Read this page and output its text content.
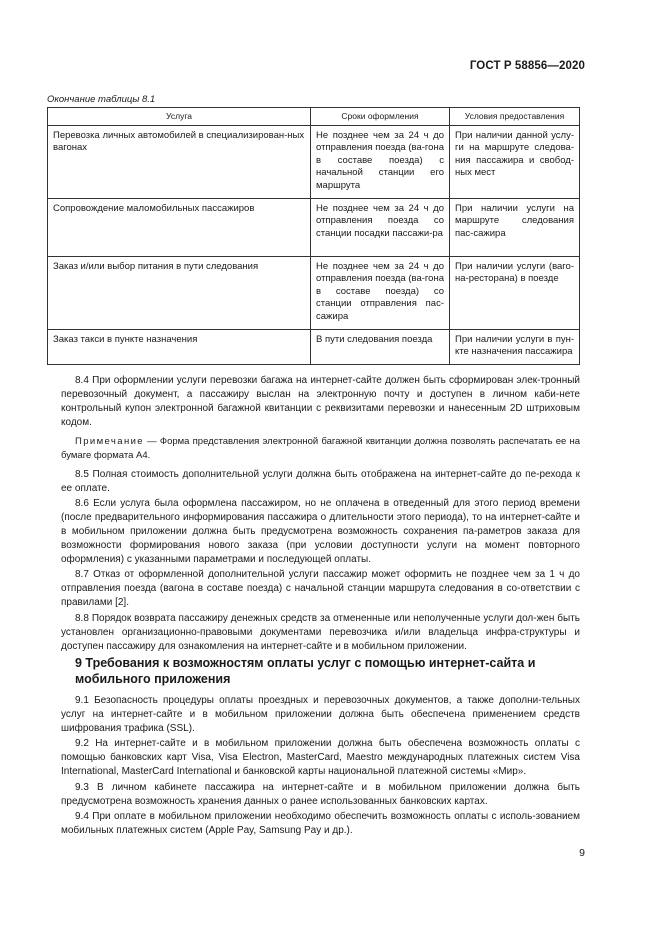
ГОСТ Р 58856—2020
Окончание таблицы 8.1
Услуга	Сроки оформления	Условия предоставления
Перевозка личных автомобилей в специализирован-ных вагонах	Не позднее чем за 24 ч до отправления поезда (ва-гона в составе поезда) с начальной станции его маршрута	При наличии данной услу-ги на маршруте следова-ния пассажира и свобод-ных мест
Сопровождение маломобильных пассажиров	Не позднее чем за 24 ч до отправления поезда со станции посадки пассажи-ра	При наличии услуги на маршруте следования пас-сажира
Заказ и/или выбор питания в пути следования	Не позднее чем за 24 ч до отправления поезда (ва-гона в составе поезда) со станции отправления пас-сажира	При наличии услуги (ваго-на-ресторана) в поезде
Заказ такси в пункте назначения	В пути следования поезда	При наличии услуги в пун-кте назначения пассажира

8.4 При оформлении услуги перевозки багажа на интернет-сайте должен быть сформирован элек-тронный перевозочный документ, а пассажиру выслан на электронную почту и доступен в личном каби-нете контрольный купон электронной багажной квитанции с реквизитами перевозки и нанесенным 2D штриховым кодом.

Примечание — Форма представления электронной багажной квитанции должна позволять распечатать ее на бумаге формата А4.

8.5 Полная стоимость дополнительной услуги должна быть отображена на интернет-сайте до пе-рехода к ее оплате.

8.6 Если услуга была оформлена пассажиром, но не оплачена в отведенный для этого период времени (после предварительного информирования пассажира о длительности этого периода), то на интернет-сайте и в мобильном приложении должна быть предусмотрена возможность сохранения па-раметров заказа для возможности формирования нового заказа (при условии доступности услуги на момент повторного оформления) с указанными параметрами и последующей оплаты.

8.7 Отказ от оформленной дополнительной услуги пассажир может оформить не позднее чем за 1 ч до отправления поезда (вагона в составе поезда) с начальной станции маршрута следования в со-ответствии с правилами [2].

8.8 Порядок возврата пассажиру денежных средств за отмененные или неполученные услуги дол-жен быть установлен организационно-правовыми документами перевозчика и/или владельца инфра-структуры и доступен пассажиру для ознакомления на интернет-сайте и в мобильном приложении.

9 Требования к возможностям оплаты услуг с помощью интернет-сайта и мобильного приложения

9.1 Безопасность процедуры оплаты проездных и перевозочных документов, а также дополни-тельных услуг на интернет-сайте и в мобильном приложении должна быть обеспечена применением средств шифрования трафика (SSL).

9.2 На интернет-сайте и в мобильном приложении должна быть обеспечена возможность оплаты с помощью банковских карт Visa, Visa Electron, MasterCard, Maestro международных платежных систем Visa International, MasterCard International и банковской карты национальной платежной системы «Мир».

9.3 В личном кабинете пассажира на интернет-сайте и в мобильном приложении должна быть предусмотрена возможность хранения данных о ранее использованных банковских картах.

9.4 При оплате в мобильном приложении необходимо обеспечить возможность оплаты с исполь-зованием мобильных платежных систем (Apple Pay, Samsung Pay и др.).

9
